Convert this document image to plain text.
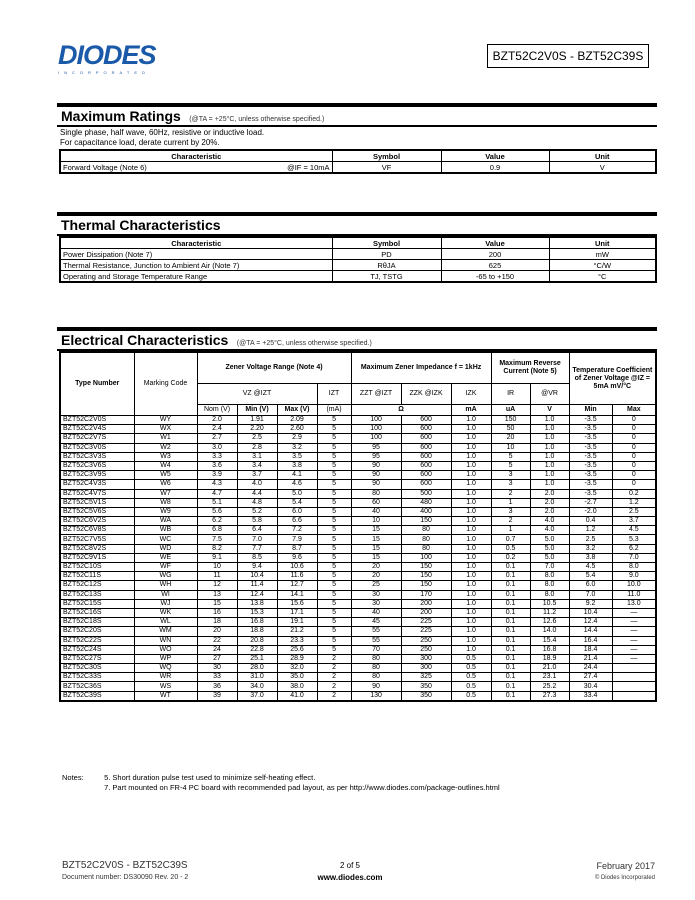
DIODES
INCORPORATED
BZT52C2V0S - BZT52C39S
Maximum Ratings (@TA = +25°C, unless otherwise specified.)
Single phase, half wave, 60Hz, resistive or inductive load.
For capacitance load, derate current by 20%.
Characteristic	Symbol	Value	Unit
Forward Voltage (Note 6) @IF = 10mA	VF	0.9	V
Thermal Characteristics
Characteristic	Symbol	Value	Unit
Power Dissipation (Note 7)	PD	200	mW
Thermal Resistance, Junction to Ambient Air (Note 7)	RθJA	625	°C/W
Operating and Storage Temperature Range	TJ, TSTG	-65 to +150	°C
Electrical Characteristics (@TA = +25°C, unless otherwise specified.)
Type Number	Marking Code	Zener Voltage Range (Note 4)				Maximum Zener Impedance f = 1kHz			Maximum Reverse Current (Note 5)		Temperature Coefficient of Zener Voltage @IZ = 5mA mV/°C	
		VZ @IZT			IZT	ZZT @IZT	ZZK @IZK	IZK	IR	@VR		
		Nom (V)	Min (V)	Max (V)	(mA)	Ω		mA	uA	V	Min	Max
BZT52C2V0S	WY	2.0	1.91	2.09	5	100	600	1.0	150	1.0	-3.5	0
BZT52C2V4S	WX	2.4	2.20	2.60	5	100	600	1.0	50	1.0	-3.5	0
BZT52C2V7S	W1	2.7	2.5	2.9	5	100	600	1.0	20	1.0	-3.5	0
BZT52C3V0S	W2	3.0	2.8	3.2	5	95	600	1.0	10	1.0	-3.5	0
BZT52C3V3S	W3	3.3	3.1	3.5	5	95	600	1.0	5	1.0	-3.5	0
BZT52C3V6S	W4	3.6	3.4	3.8	5	90	600	1.0	5	1.0	-3.5	0
BZT52C3V9S	W5	3.9	3.7	4.1	5	90	600	1.0	3	1.0	-3.5	0
BZT52C4V3S	W6	4.3	4.0	4.6	5	90	600	1.0	3	1.0	-3.5	0
BZT52C4V7S	W7	4.7	4.4	5.0	5	80	500	1.0	2	2.0	-3.5	0.2
BZT52C5V1S	W8	5.1	4.8	5.4	5	60	480	1.0	1	2.0	-2.7	1.2
BZT52C5V6S	W9	5.6	5.2	6.0	5	40	400	1.0	3	2.0	-2.0	2.5
BZT52C6V2S	WA	6.2	5.8	6.6	5	10	150	1.0	2	4.0	0.4	3.7
BZT52C6V8S	WB	6.8	6.4	7.2	5	15	80	1.0	1	4.0	1.2	4.5
BZT52C7V5S	WC	7.5	7.0	7.9	5	15	80	1.0	0.7	5.0	2.5	5.3
BZT52C8V2S	WD	8.2	7.7	8.7	5	15	80	1.0	0.5	5.0	3.2	6.2
BZT52C9V1S	WE	9.1	8.5	9.6	5	15	100	1.0	0.2	5.0	3.8	7.0
BZT52C10S	WF	10	9.4	10.6	5	20	150	1.0	0.1	7.0	4.5	8.0
BZT52C11S	WG	11	10.4	11.6	5	20	150	1.0	0.1	8.0	5.4	9.0
BZT52C12S	WH	12	11.4	12.7	5	25	150	1.0	0.1	8.0	6.0	10.0
BZT52C13S	WI	13	12.4	14.1	5	30	170	1.0	0.1	8.0	7.0	11.0
BZT52C15S	WJ	15	13.8	15.6	5	30	200	1.0	0.1	10.5	9.2	13.0
BZT52C16S	WK	16	15.3	17.1	5	40	200	1.0	0.1	11.2	10.4	—
BZT52C18S	WL	18	16.8	19.1	5	45	225	1.0	0.1	12.6	12.4	—
BZT52C20S	WM	20	18.8	21.2	5	55	225	1.0	0.1	14.0	14.4	—
BZT52C22S	WN	22	20.8	23.3	5	55	250	1.0	0.1	15.4	16.4	—
BZT52C24S	WO	24	22.8	25.6	5	70	250	1.0	0.1	16.8	18.4	—
BZT52C27S	WP	27	25.1	28.9	2	80	300	0.5	0.1	18.9	21.4	—
BZT52C30S	WQ	30	28.0	32.0	2	80	300	0.5	0.1	21.0	24.4	
BZT52C33S	WR	33	31.0	35.0	2	80	325	0.5	0.1	23.1	27.4	
BZT52C36S	WS	36	34.0	38.0	2	90	350	0.5	0.1	25.2	30.4	
BZT52C39S	WT	39	37.0	41.0	2	130	350	0.5	0.1	27.3	33.4	
Notes:	5. Short duration pulse test used to minimize self-heating effect.
7. Part mounted on FR-4 PC board with recommended pad layout, as per http://www.diodes.com/package-outlines.html
BZT52C2V0S - BZT52C39S
Document number: DS30090 Rev. 20 - 2
2 of 5
www.diodes.com
February 2017
© Diodes Incorporated
